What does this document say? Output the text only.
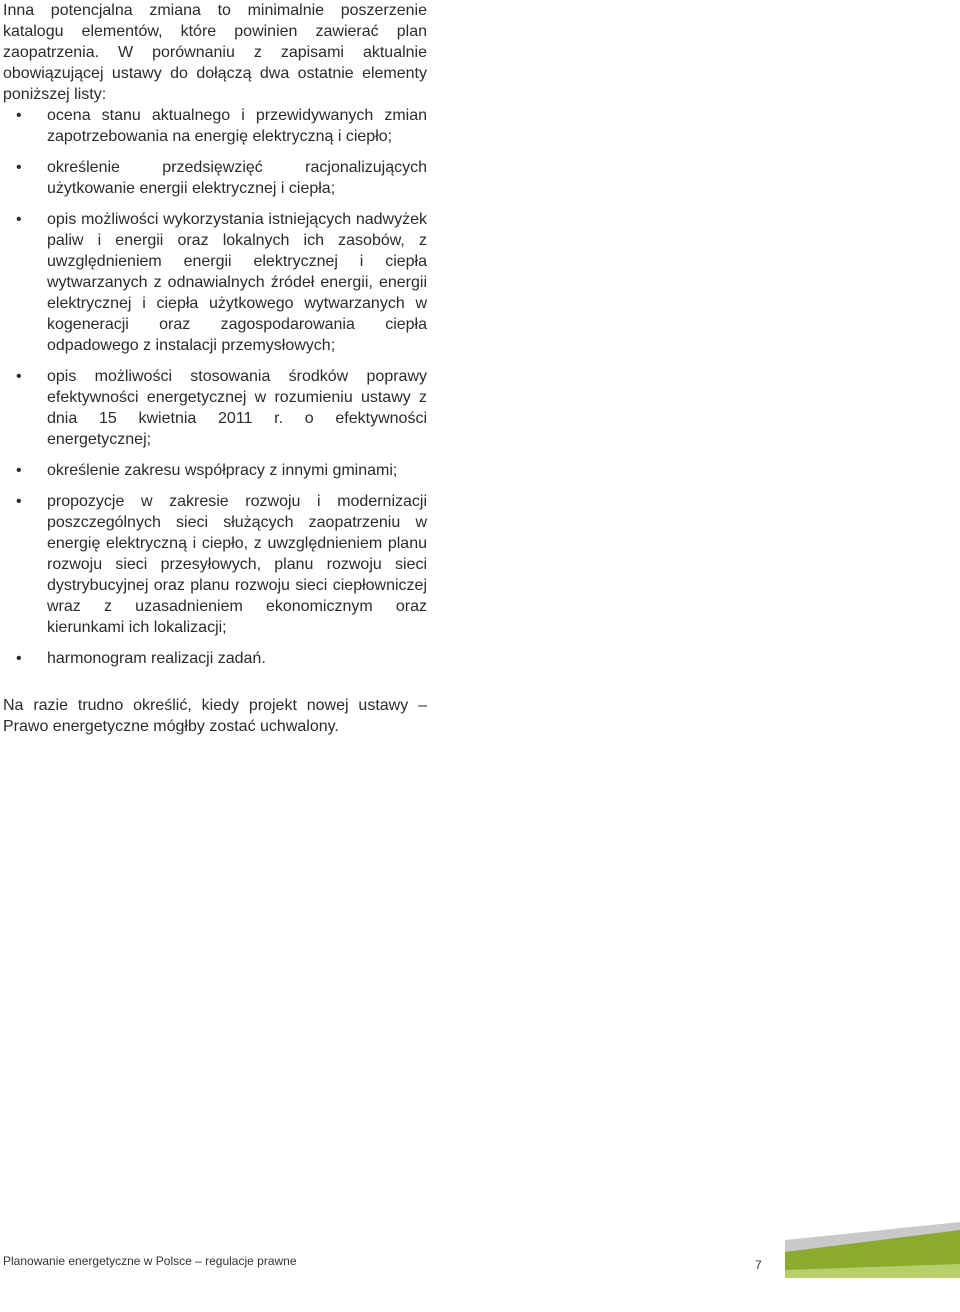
Inna potencjalna zmiana to minimalnie poszerzenie katalogu elementów, które powinien zawierać plan zaopatrzenia. W porównaniu z zapisami aktualnie obowiązującej ustawy do dołączą dwa ostatnie elementy poniższej listy:

• ocena stanu aktualnego i przewidywanych zmian zapotrzebowania na energię elektryczną i ciepło;
• określenie przedsięwzięć racjonalizujących użytkowanie energii elektrycznej i ciepła;
• opis możliwości wykorzystania istniejących nadwyżek paliw i energii oraz lokalnych ich zasobów, z uwzględnieniem energii elektrycznej i ciepła wytwarzanych z odnawialnych źródeł energii, energii elektrycznej i ciepła użytkowego wytwarzanych w kogeneracji oraz zagospodarowania ciepła odpadowego z instalacji przemysłowych;
• opis możliwości stosowania środków poprawy efektywności energetycznej w rozumieniu ustawy z dnia 15 kwietnia 2011 r. o efektywności energetycznej;
• określenie zakresu współpracy z innymi gminami;
• propozycje w zakresie rozwoju i modernizacji poszczególnych sieci służących zaopatrzeniu w energię elektryczną i ciepło, z uwzględnieniem planu rozwoju sieci przesyłowych, planu rozwoju sieci dystrybucyjnej oraz planu rozwoju sieci ciepłowniczej wraz z uzasadnieniem ekonomicznym oraz kierunkami ich lokalizacji;
• harmonogram realizacji zadań.

Na razie trudno określić, kiedy projekt nowej ustawy – Prawo energetyczne mógłby zostać uchwalony.

Planowanie energetyczne w Polsce – regulacje prawne	7
